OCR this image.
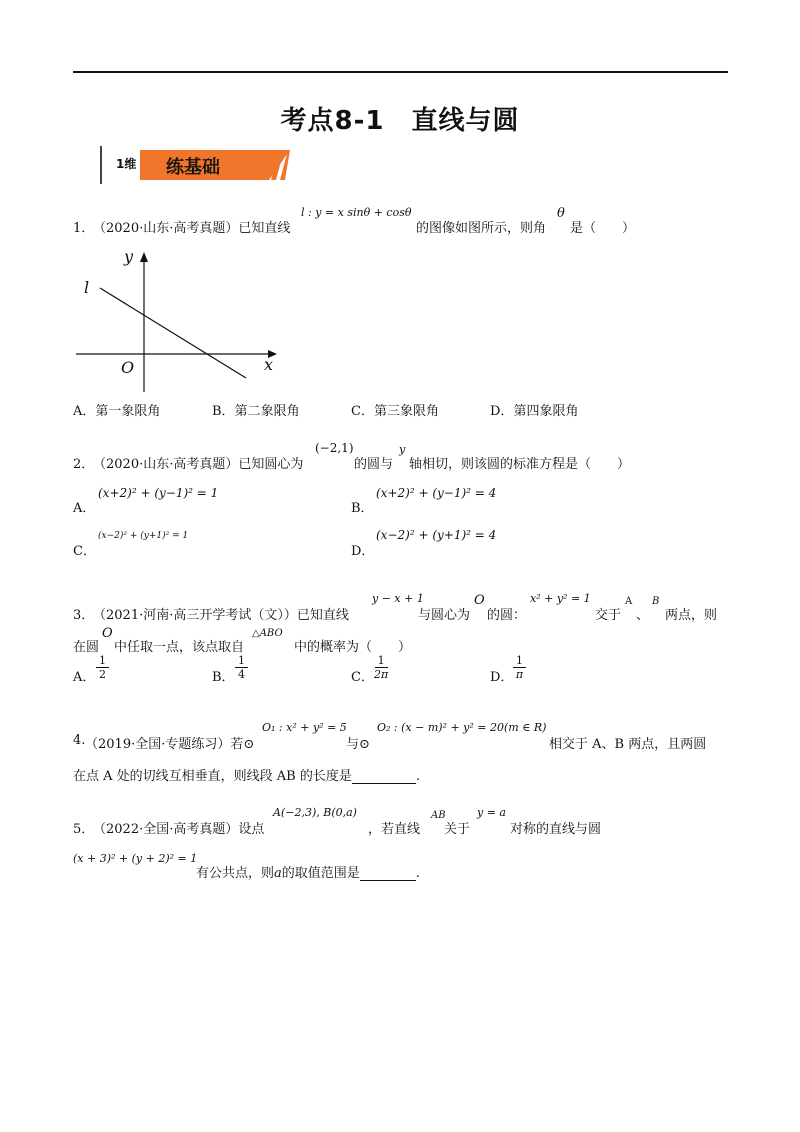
考点8-1　直线与圆
1维 练基础
1．
（2020·山东·高考真题）已知直线
l : y = x sinθ + cosθ
的图像如图所示，则角
θ
是（　　）
l
y
x
O
A．第一象限角	B．第二象限角	C．第三象限角	D．第四象限角
2．
（2020·山东·高考真题）已知圆心为
(−2,1)
的圆与
y
轴相切，则该圆的标准方程是（　　）
A．
(x+2)² + (y−1)² = 1
B．
(x+2)² + (y−1)² = 4
C．
(x−2)² + (y+1)² = 1
D．
(x−2)² + (y+1)² = 4
3．
（2021·河南·高三开学考试（文））已知直线
y − x + 1
与圆心为
O
的圆：
x² + y² = 1
交于
A
、
B
两点，则
在圆
O
中任取一点，该点取自
△ABO
中的概率为（　　）
A． $\frac{1}{2}$	B． $\frac{1}{4}$	C． $\frac{1}{2\pi}$	D． $\frac{1}{\pi}$
4. （2019·全国·专题练习）若⊙
O₁ : x² + y² = 5
与⊙
O₂ : (x − m)² + y² = 20(m ∈ R)
相交于 A、B 两点，且两圆
在点 A 处的切线互相垂直，则线段 AB 的长度是	.
5．
（2022·全国·高考真题）设点
A(−2,3), B(0,a)
，若直线
AB
关于
y = a
对称的直线与圆
(x + 3)² + (y + 2)² = 1
有公共点，则a的取值范围是	.
